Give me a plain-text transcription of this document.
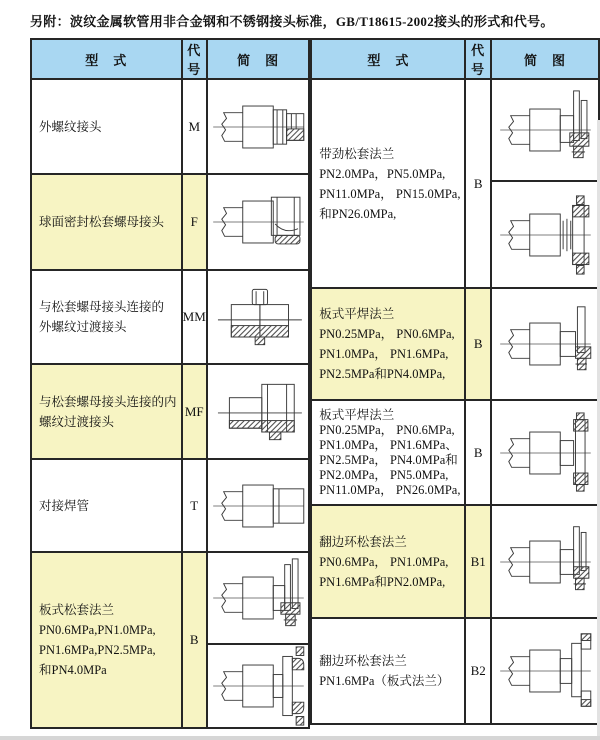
另附：波纹金属软管用非合金钢和不锈钢接头标准，GB/T18615-2002接头的形式和代号。
型　式	代号	简　图

外螺纹接头	M	

球面密封松套螺母接头	F	

与松套螺母接头连接的
外螺纹过渡接头	MM	

与松套螺母接头连接的内
螺纹过渡接头	MF	

对接焊管	T	

板式松套法兰
PN0.6MPa,PN1.0MPa,
PN1.6MPa,PN2.5MPa,
和PN4.0MPa	B	

型　式	代号	简　图

带劲松套法兰
PN2.0MPa，PN5.0MPa,
PN11.0MPa， PN15.0MPa,
和PN26.0MPa,	B	

板式平焊法兰
PN0.25MPa， PN0.6MPa,
PN1.0MPa， PN1.6MPa,
PN2.5MPa和PN4.0MPa,	B	

板式平焊法兰
PN0.25MPa， PN0.6MPa,
PN1.0MPa， PN1.6MPa、
PN2.5MPa， PN4.0MPa和
PN2.0MPa， PN5.0MPa,
PN11.0MPa， PN26.0MPa,
	B	

翻边环松套法兰
PN0.6MPa， PN1.0MPa,
PN1.6MPa和PN2.0MPa,	B1	

翻边环松套法兰
PN1.6MPa（板式法兰）	B2	
